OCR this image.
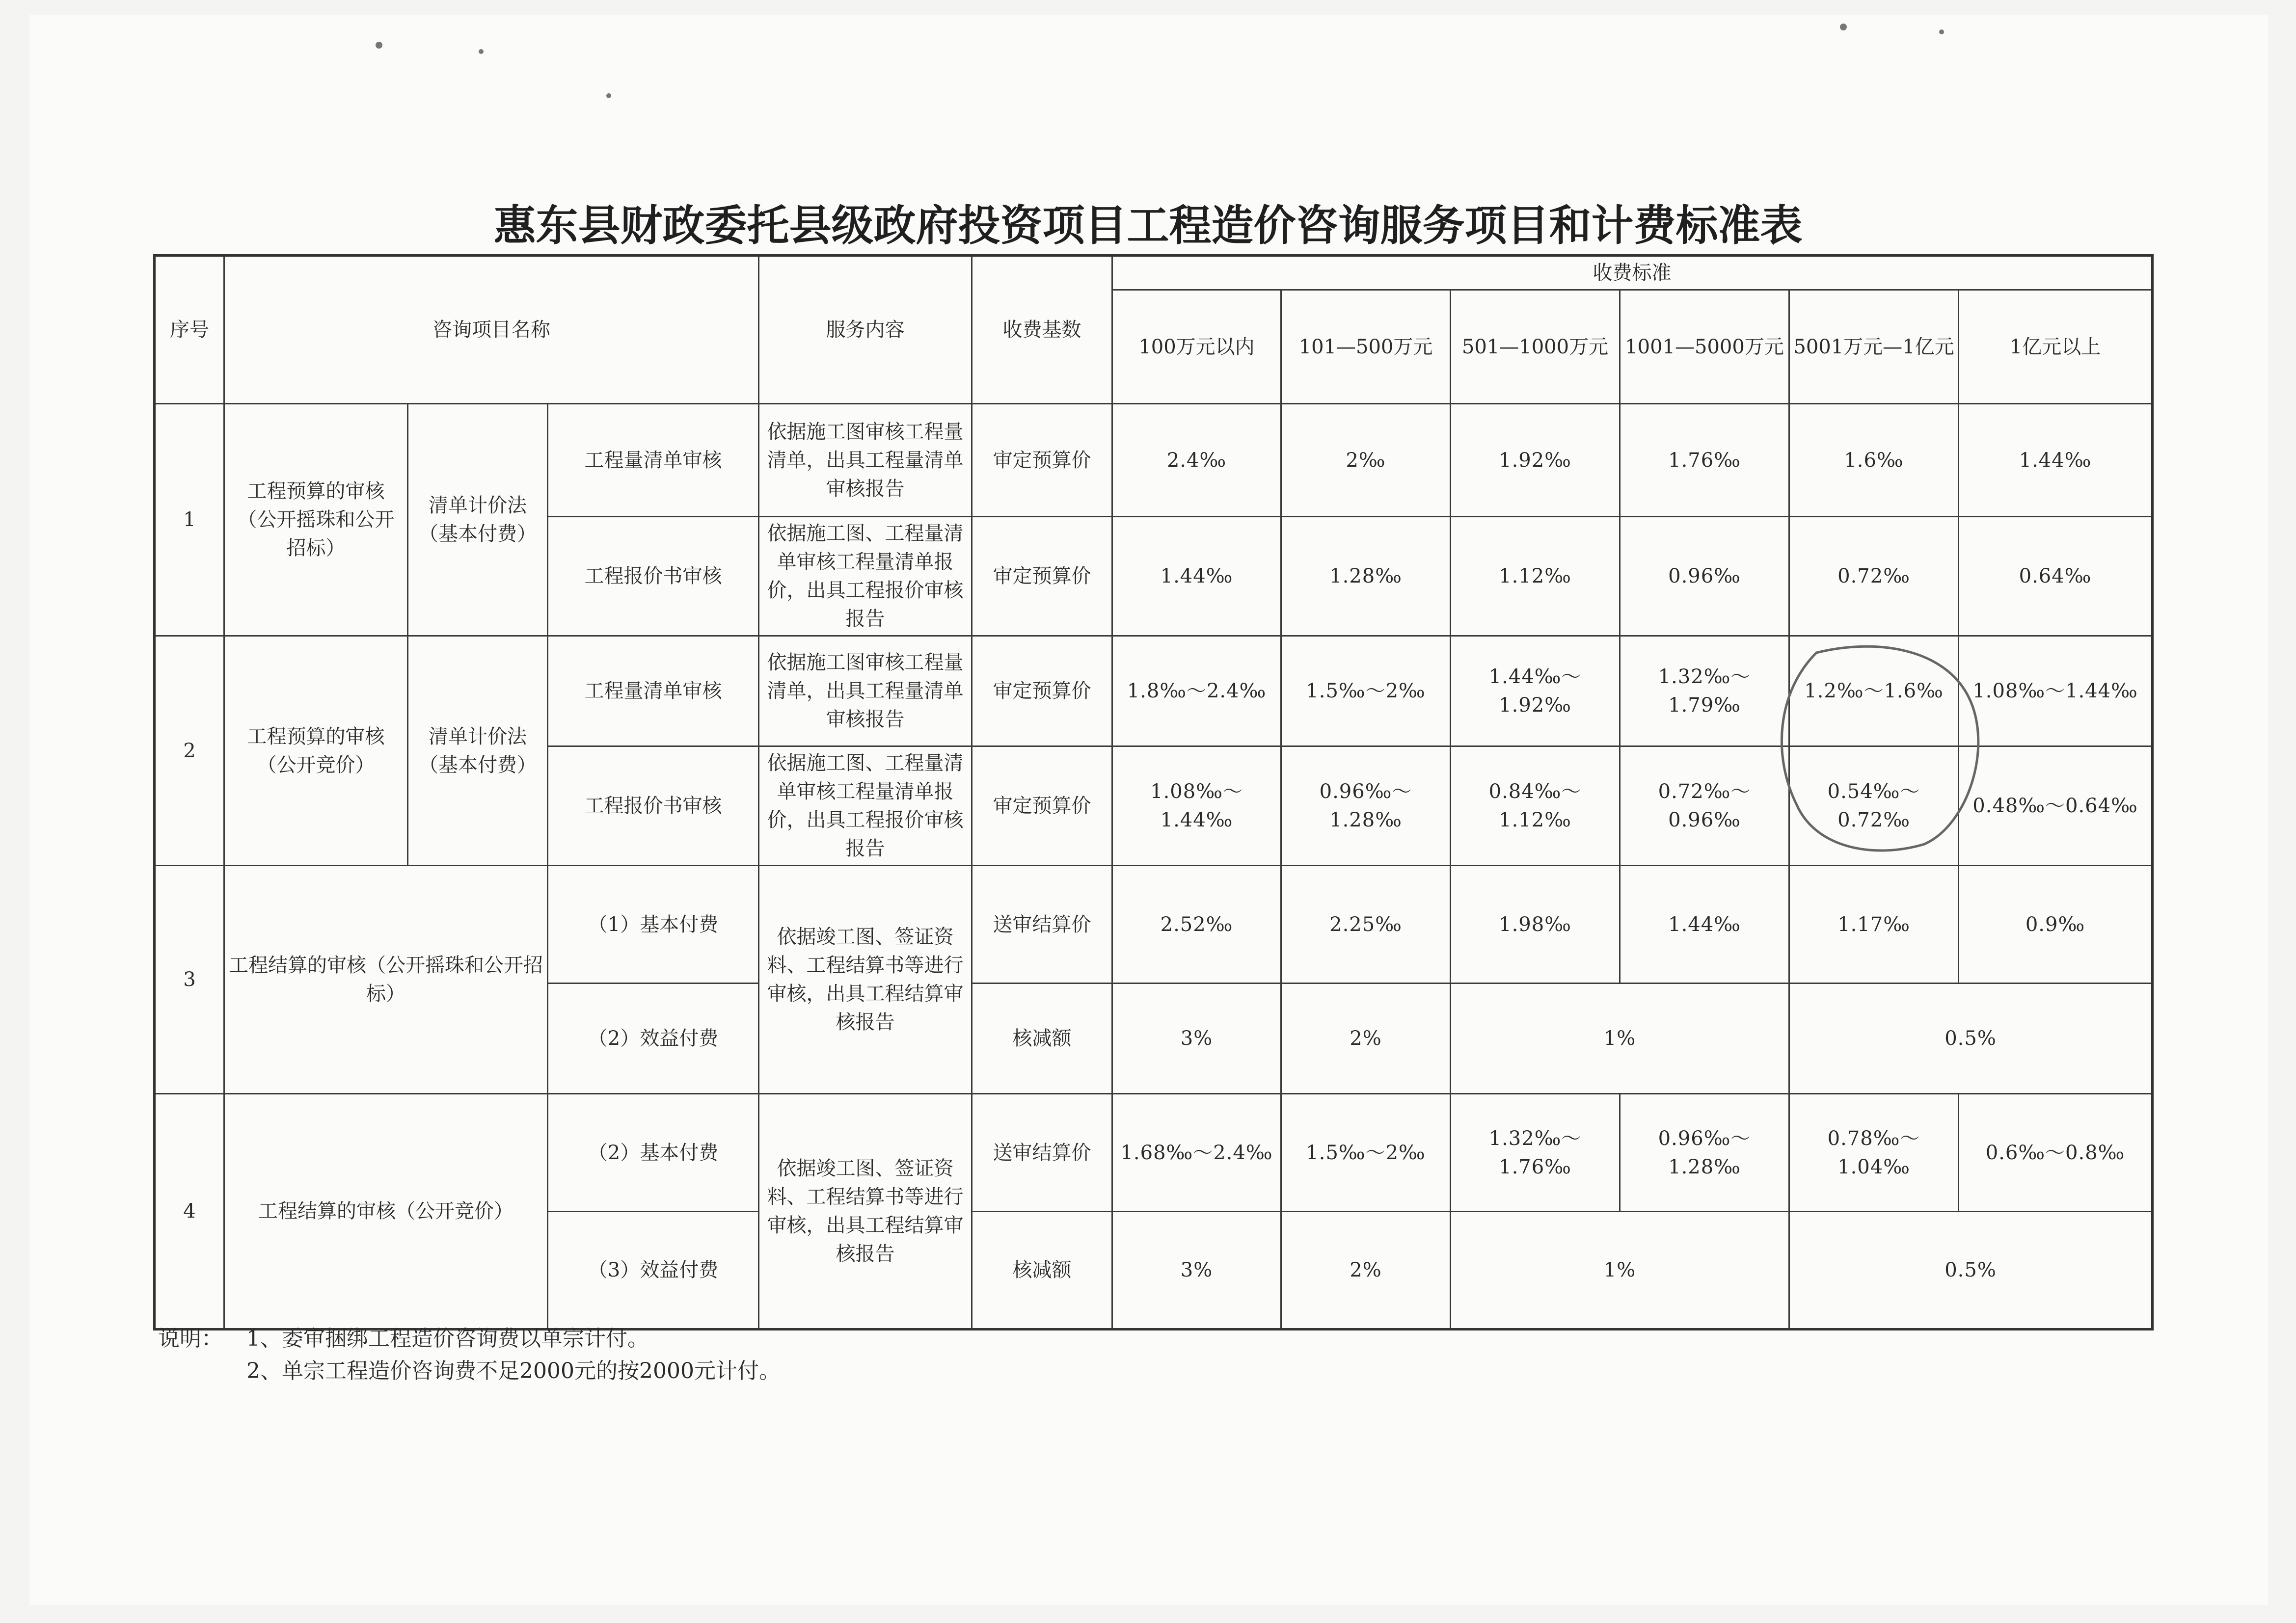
惠东县财政委托县级政府投资项目工程造价咨询服务项目和计费标准表
序号	咨询项目名称			服务内容	收费基数	收费标准					
						100万元以内	101—500万元	501—1000万元	1001—5000万元	5001万元—1亿元	1亿元以上
1	工程预算的审核（公开摇珠和公开招标）	清单计价法（基本付费）	工程量清单审核	依据施工图审核工程量清单，出具工程量清单审核报告	审定预算价	2.4‰	2‰	1.92‰	1.76‰	1.6‰	1.44‰
			工程报价书审核	依据施工图、工程量清单审核工程量清单报价，出具工程报价审核报告	审定预算价	1.44‰	1.28‰	1.12‰	0.96‰	0.72‰	0.64‰
2	工程预算的审核（公开竞价）	清单计价法（基本付费）	工程量清单审核	依据施工图审核工程量清单，出具工程量清单审核报告	审定预算价	1.8‰～2.4‰	1.5‰～2‰	1.44‰～1.92‰	1.32‰～1.79‰	1.2‰～1.6‰	1.08‰～1.44‰
			工程报价书审核	依据施工图、工程量清单审核工程量清单报价，出具工程报价审核报告	审定预算价	1.08‰～1.44‰	0.96‰～1.28‰	0.84‰～1.12‰	0.72‰～0.96‰	0.54‰～0.72‰	0.48‰～0.64‰
3	工程结算的审核（公开摇珠和公开招标）		（1）基本付费	依据竣工图、签证资料、工程结算书等进行审核，出具工程结算审核报告	送审结算价	2.52‰	2.25‰	1.98‰	1.44‰	1.17‰	0.9‰
			（2）效益付费		核减额	3%	2%	1%		0.5%	
4	工程结算的审核（公开竞价）		（2）基本付费	依据竣工图、签证资料、工程结算书等进行审核，出具工程结算审核报告	送审结算价	1.68‰～2.4‰	1.5‰～2‰	1.32‰～1.76‰	0.96‰～1.28‰	0.78‰～1.04‰	0.6‰～0.8‰
			（3）效益付费		核减额	3%	2%	1%		0.5%	
说明： 1、委审捆绑工程造价咨询费以单宗计付。
2、单宗工程造价咨询费不足2000元的按2000元计付。
